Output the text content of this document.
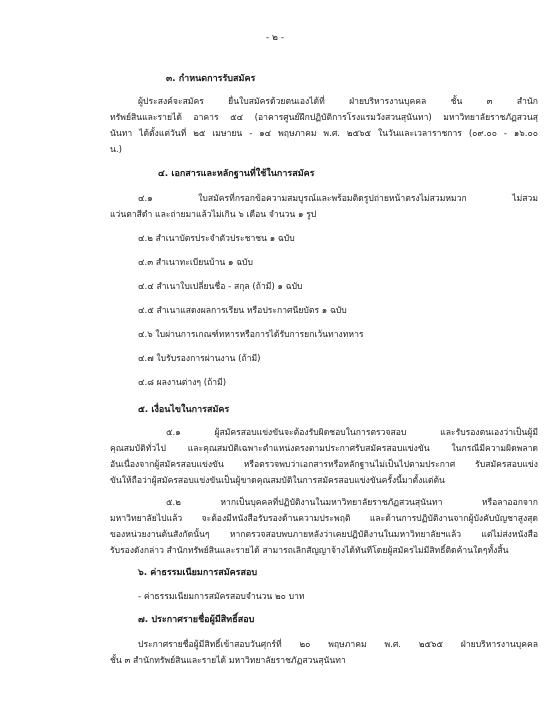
- ๒ -
๓. กำหนดการรับสมัคร
ผู้ประสงค์จะสมัคร ยื่นใบสมัครด้วยตนเองได้ที่ ฝ่ายบริหารงานบุคคล ชั้น ๓ สำนัก
ทรัพย์สินและรายได้ อาคาร ๕๔ (อาคารศูนย์ฝึกปฏิบัติการโรงแรมวังสวนสุนันทา) มหาวิทยาลัยราชภัฏสวนสุ
นันทา ได้ตั้งแต่วันที่ ๒๕ เมษายน - ๑๔ พฤษภาคม พ.ศ. ๒๕๖๕ ในวันและเวลาราชการ (๐๙.๐๐ - ๑๖.๐๐
น.)
๔. เอกสารและหลักฐานที่ใช้ในการสมัคร
๔.๑ ใบสมัครที่กรอกข้อความสมบูรณ์และพร้อมติดรูปถ่ายหน้าตรงไม่สวมหมวก ไม่สวม
แว่นตาสีดำ และถ่ายมาแล้วไม่เกิน ๖ เดือน จำนวน ๑ รูป
๔.๒ สำเนาบัตรประจำตัวประชาชน ๑ ฉบับ
๔.๓ สำเนาทะเบียนบ้าน ๑ ฉบับ
๔.๔ สำเนาใบเปลี่ยนชื่อ - สกุล (ถ้ามี) ๑ ฉบับ
๔.๕ สำเนาแสดงผลการเรียน หรือประกาศนียบัตร ๑ ฉบับ
๔.๖ ใบผ่านการเกณฑ์ทหารหรือการได้รับการยกเว้นทางทหาร
๔.๗ ใบรับรองการผ่านงาน (ถ้ามี)
๔.๘ ผลงานต่างๆ (ถ้ามี)
๕. เงื่อนไขในการสมัคร
๕.๑ ผู้สมัครสอบแข่งขันจะต้องรับผิดชอบในการตรวจสอบ และรับรองตนเองว่าเป็นผู้มี
คุณสมบัติทั่วไป และคุณสมบัติเฉพาะตำแหน่งตรงตามประกาศรับสมัครสอบแข่งขัน ในกรณีมีความผิดพลาด
อันเนื่องจากผู้สมัครสอบแข่งขัน หรือตรวจพบว่าเอกสารหรือหลักฐานไม่เป็นไปตามประกาศ รับสมัครสอบแข่ง
ขันให้ถือว่าผู้สมัครสอบแข่งขันเป็นผู้ขาดคุณสมบัติในการสมัครสอบแข่งขันครั้งนี้มาตั้งแต่ต้น
๕.๒ หากเป็นบุคคลที่ปฏิบัติงานในมหาวิทยาลัยราชภัฏสวนสุนันทา หรือลาออกจาก
มหาวิทยาลัยไปแล้ว จะต้องมีหนังสือรับรองด้านความประพฤติ และด้านการปฏิบัติงานจากผู้บังคับบัญชาสูงสุด
ของหน่วยงานต้นสังกัดนั้นๆ หากตรวจสอบพบภายหลังว่าเคยปฏิบัติงานในมหาวิทยาลัยฯแล้ว แต่ไม่ส่งหนังสือ
รับรองดังกล่าว สำนักทรัพย์สินและรายได้ สามารถเลิกสัญญาจ้างได้ทันทีโดยผู้สมัครไม่มีสิทธิ์ติดค้านใดๆทั้งสิ้น
๖. ค่าธรรมเนียมการสมัครสอบ
- ค่าธรรมเนียมการสมัครสอบจำนวน ๒๐ บาท
๗. ประกาศรายชื่อผู้มีสิทธิ์สอบ
ประกาศรายชื่อผู้มีสิทธิ์เข้าสอบวันศุกร์ที่ ๒๐ พฤษภาคม พ.ศ. ๒๕๖๕ ฝ่ายบริหารงานบุคคล
ชั้น ๓ สำนักทรัพย์สินและรายได้ มหาวิทยาลัยราชภัฏสวนสุนันทา
